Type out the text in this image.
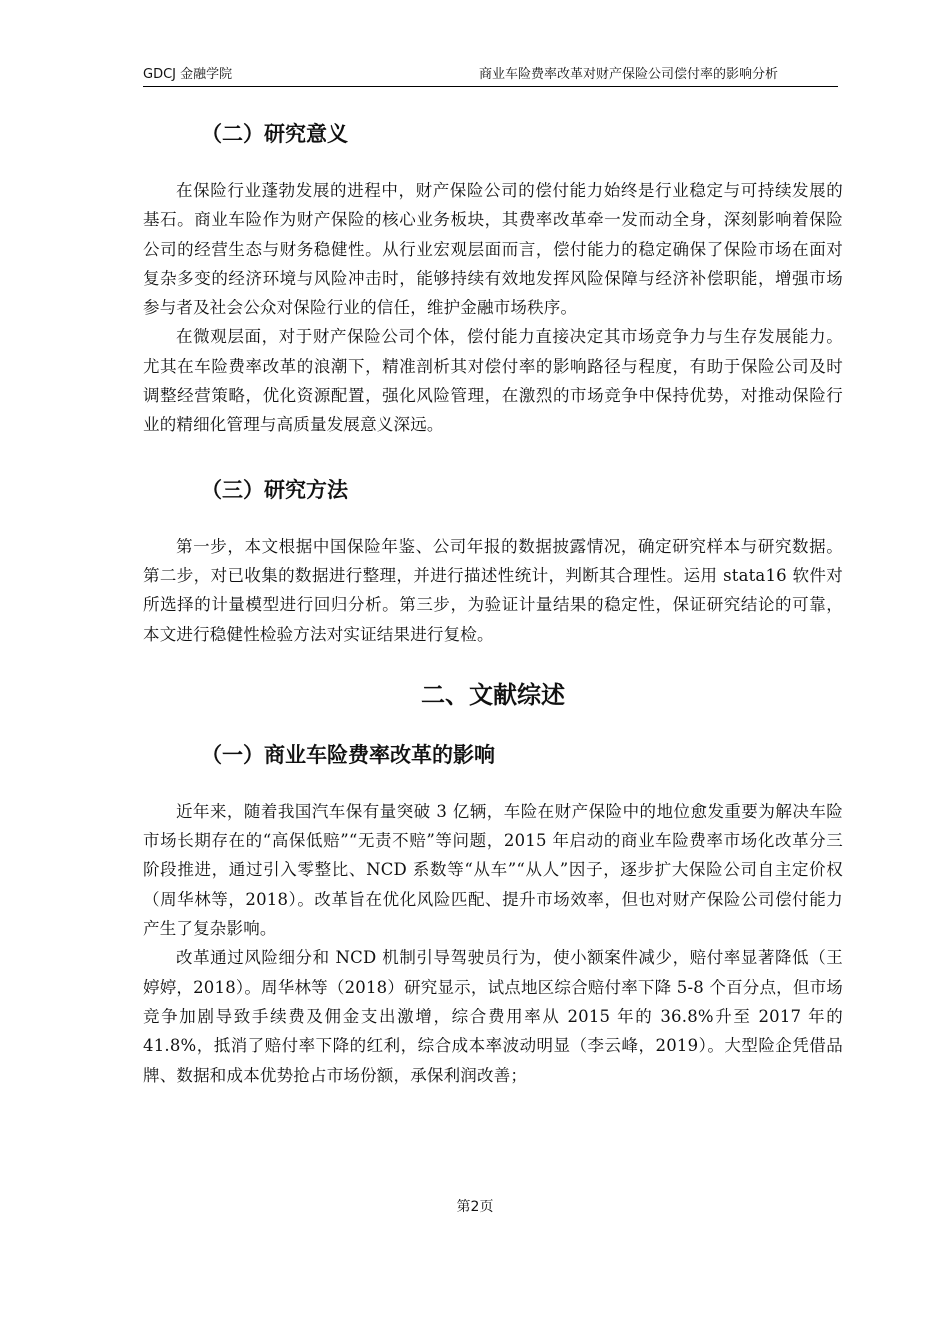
GDCJ 金融学院	商业车险费率改革对财产保险公司偿付率的影响分析
（二）研究意义

在保险行业蓬勃发展的进程中，财产保险公司的偿付能力始终是行业稳定与可持续发展的基石。商业车险作为财产保险的核心业务板块，其费率改革牵一发而动全身，深刻影响着保险公司的经营生态与财务稳健性。从行业宏观层面而言，偿付能力的稳定确保了保险市场在面对复杂多变的经济环境与风险冲击时，能够持续有效地发挥风险保障与经济补偿职能，增强市场参与者及社会公众对保险行业的信任，维护金融市场秩序。

在微观层面，对于财产保险公司个体，偿付能力直接决定其市场竞争力与生存发展能力。尤其在车险费率改革的浪潮下，精准剖析其对偿付率的影响路径与程度，有助于保险公司及时调整经营策略，优化资源配置，强化风险管理，在激烈的市场竞争中保持优势，对推动保险行业的精细化管理与高质量发展意义深远。

（三）研究方法

第一步，本文根据中国保险年鉴、公司年报的数据披露情况，确定研究样本与研究数据。第二步，对已收集的数据进行整理，并进行描述性统计，判断其合理性。运用 stata16 软件对所选择的计量模型进行回归分析。第三步，为验证计量结果的稳定性，保证研究结论的可靠，本文进行稳健性检验方法对实证结果进行复检。

二、文献综述
（一）商业车险费率改革的影响

近年来，随着我国汽车保有量突破 3 亿辆，车险在财产保险中的地位愈发重要为解决车险市场长期存在的“高保低赔”“无责不赔”等问题，2015 年启动的商业车险费率市场化改革分三阶段推进，通过引入零整比、NCD 系数等“从车”“从人”因子，逐步扩大保险公司自主定价权（周华林等，2018）。改革旨在优化风险匹配、提升市场效率，但也对财产保险公司偿付能力产生了复杂影响。

改革通过风险细分和 NCD 机制引导驾驶员行为，使小额案件减少，赔付率显著降低（王婷婷，2018）。周华林等（2018）研究显示，试点地区综合赔付率下降 5-8 个百分点，但市场竞争加剧导致手续费及佣金支出激增，综合费用率从 2015 年的 36.8%升至 2017 年的 41.8%，抵消了赔付率下降的红利，综合成本率波动明显（李云峰，2019）。大型险企凭借品牌、数据和成本优势抢占市场份额，承保利润改善；

第2页
